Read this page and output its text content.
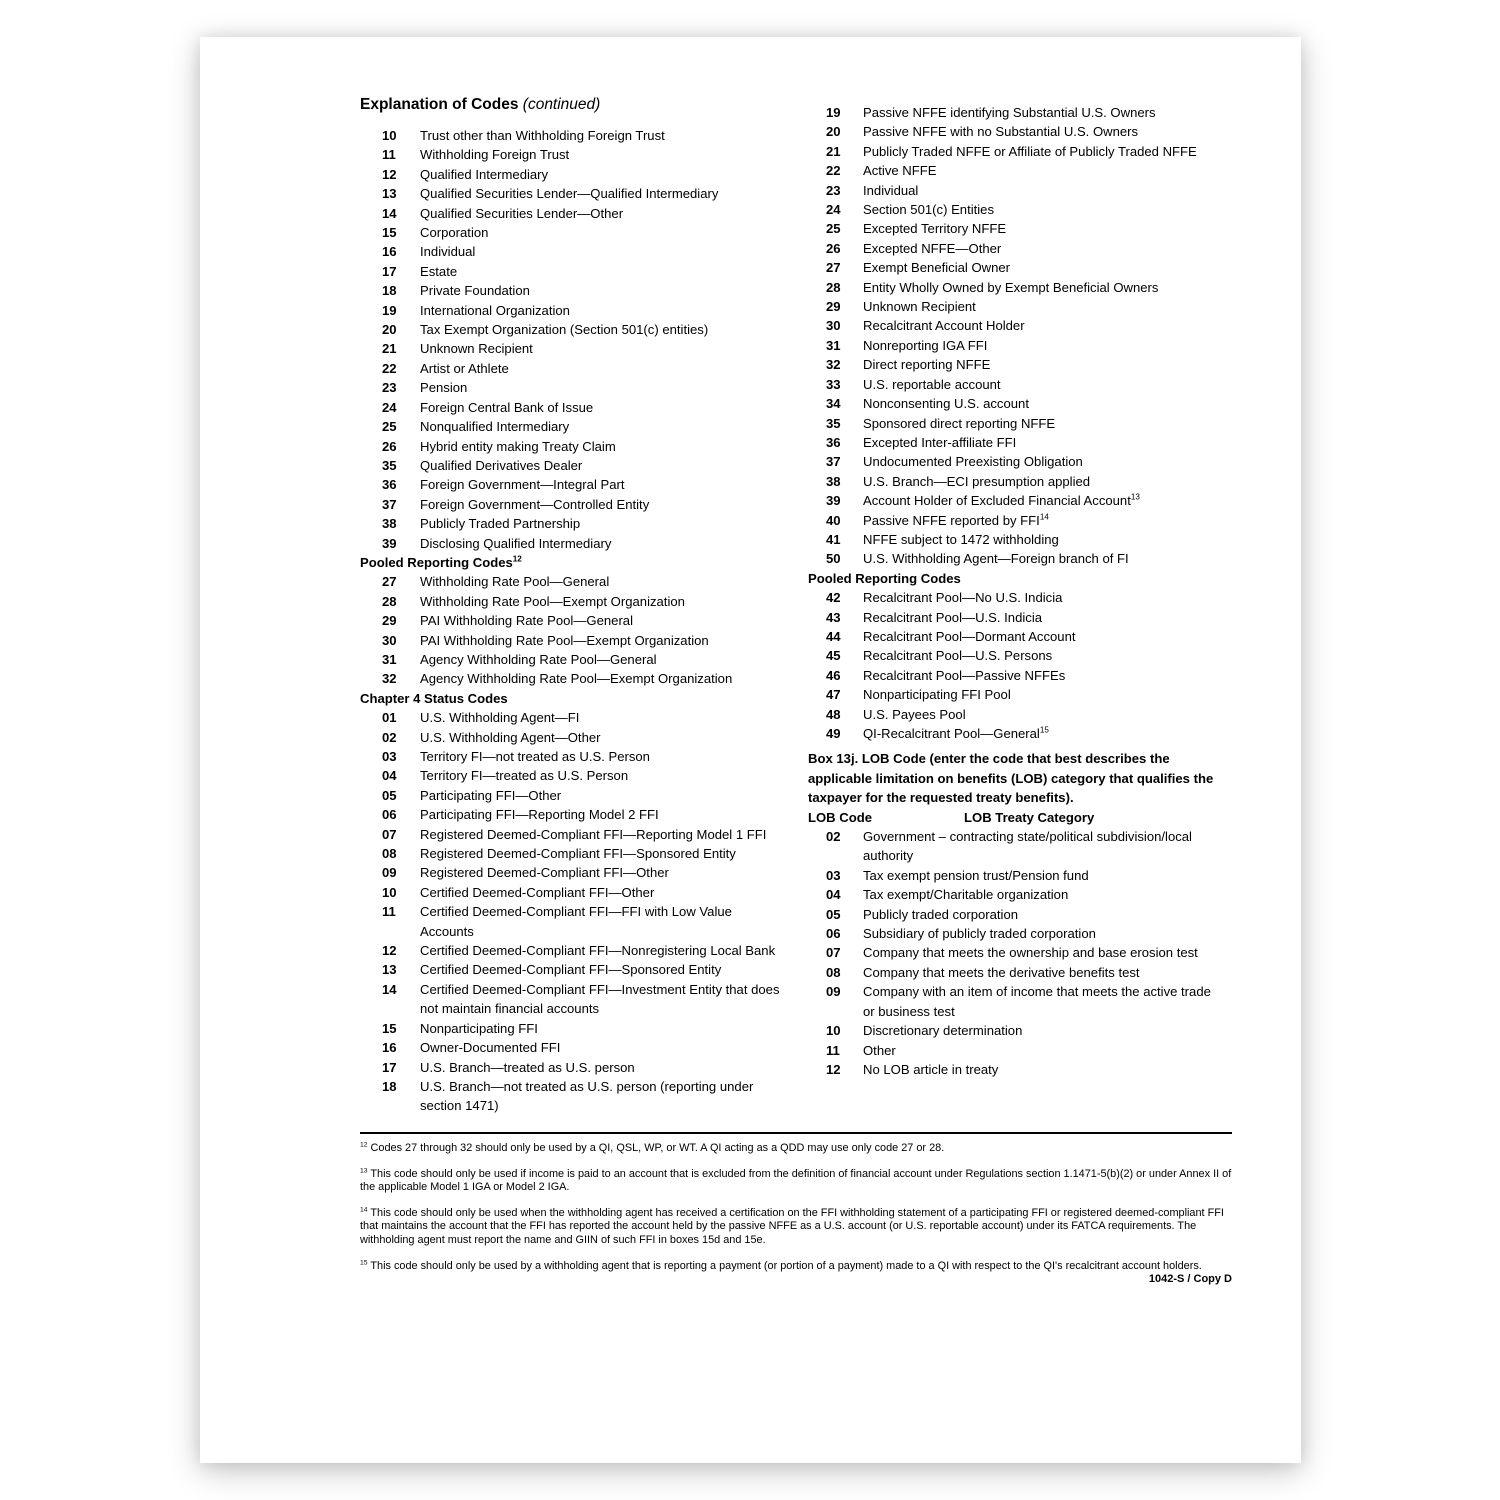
Explanation of Codes (continued)
10	Trust other than Withholding Foreign Trust
11	Withholding Foreign Trust
12	Qualified Intermediary
13	Qualified Securities Lender—Qualified Intermediary
14	Qualified Securities Lender—Other
15	Corporation
16	Individual
17	Estate
18	Private Foundation
19	International Organization
20	Tax Exempt Organization (Section 501(c) entities)
21	Unknown Recipient
22	Artist or Athlete
23	Pension
24	Foreign Central Bank of Issue
25	Nonqualified Intermediary
26	Hybrid entity making Treaty Claim
35	Qualified Derivatives Dealer
36	Foreign Government—Integral Part
37	Foreign Government—Controlled Entity
38	Publicly Traded Partnership
39	Disclosing Qualified Intermediary
Pooled Reporting Codes$^{12}$
27	Withholding Rate Pool—General
28	Withholding Rate Pool—Exempt Organization
29	PAI Withholding Rate Pool—General
30	PAI Withholding Rate Pool—Exempt Organization
31	Agency Withholding Rate Pool—General
32	Agency Withholding Rate Pool—Exempt Organization
Chapter 4 Status Codes
01	U.S. Withholding Agent—FI
02	U.S. Withholding Agent—Other
03	Territory FI—not treated as U.S. Person
04	Territory FI—treated as U.S. Person
05	Participating FFI—Other
06	Participating FFI—Reporting Model 2 FFI
07	Registered Deemed-Compliant FFI—Reporting Model 1 FFI
08	Registered Deemed-Compliant FFI—Sponsored Entity
09	Registered Deemed-Compliant FFI—Other
10	Certified Deemed-Compliant FFI—Other
11	Certified Deemed-Compliant FFI—FFI with Low Value Accounts
12	Certified Deemed-Compliant FFI—Nonregistering Local Bank
13	Certified Deemed-Compliant FFI—Sponsored Entity
14	Certified Deemed-Compliant FFI—Investment Entity that does not maintain financial accounts
15	Nonparticipating FFI
16	Owner-Documented FFI
17	U.S. Branch—treated as U.S. person
18	U.S. Branch—not treated as U.S. person (reporting under section 1471)
19	Passive NFFE identifying Substantial U.S. Owners
20	Passive NFFE with no Substantial U.S. Owners
21	Publicly Traded NFFE or Affiliate of Publicly Traded NFFE
22	Active NFFE
23	Individual
24	Section 501(c) Entities
25	Excepted Territory NFFE
26	Excepted NFFE—Other
27	Exempt Beneficial Owner
28	Entity Wholly Owned by Exempt Beneficial Owners
29	Unknown Recipient
30	Recalcitrant Account Holder
31	Nonreporting IGA FFI
32	Direct reporting NFFE
33	U.S. reportable account
34	Nonconsenting U.S. account
35	Sponsored direct reporting NFFE
36	Excepted Inter-affiliate FFI
37	Undocumented Preexisting Obligation
38	U.S. Branch—ECI presumption applied
39	Account Holder of Excluded Financial Account$^{13}$
40	Passive NFFE reported by FFI$^{14}$
41	NFFE subject to 1472 withholding
50	U.S. Withholding Agent—Foreign branch of FI
Pooled Reporting Codes
42	Recalcitrant Pool—No U.S. Indicia
43	Recalcitrant Pool—U.S. Indicia
44	Recalcitrant Pool—Dormant Account
45	Recalcitrant Pool—U.S. Persons
46	Recalcitrant Pool—Passive NFFEs
47	Nonparticipating FFI Pool
48	U.S. Payees Pool
49	QI-Recalcitrant Pool—General$^{15}$
Box 13j. LOB Code (enter the code that best describes the applicable limitation on benefits (LOB) category that qualifies the taxpayer for the requested treaty benefits).
LOB Code	LOB Treaty Category
02	Government – contracting state/political subdivision/local authority
03	Tax exempt pension trust/Pension fund
04	Tax exempt/Charitable organization
05	Publicly traded corporation
06	Subsidiary of publicly traded corporation
07	Company that meets the ownership and base erosion test
08	Company that meets the derivative benefits test
09	Company with an item of income that meets the active trade or business test
10	Discretionary determination
11	Other
12	No LOB article in treaty

$^{12}$ Codes 27 through 32 should only be used by a QI, QSL, WP, or WT. A QI acting as a QDD may use only code 27 or 28.

$^{13}$ This code should only be used if income is paid to an account that is excluded from the definition of financial account under Regulations section 1.1471-5(b)(2) or under Annex II of the applicable Model 1 IGA or Model 2 IGA.

$^{14}$ This code should only be used when the withholding agent has received a certification on the FFI withholding statement of a participating FFI or registered deemed-compliant FFI that maintains the account that the FFI has reported the account held by the passive NFFE as a U.S. account (or U.S. reportable account) under its FATCA requirements. The withholding agent must report the name and GIIN of such FFI in boxes 15d and 15e.

$^{15}$ This code should only be used by a withholding agent that is reporting a payment (or portion of a payment) made to a QI with respect to the QI's recalcitrant account holders.

1042-S / Copy D
